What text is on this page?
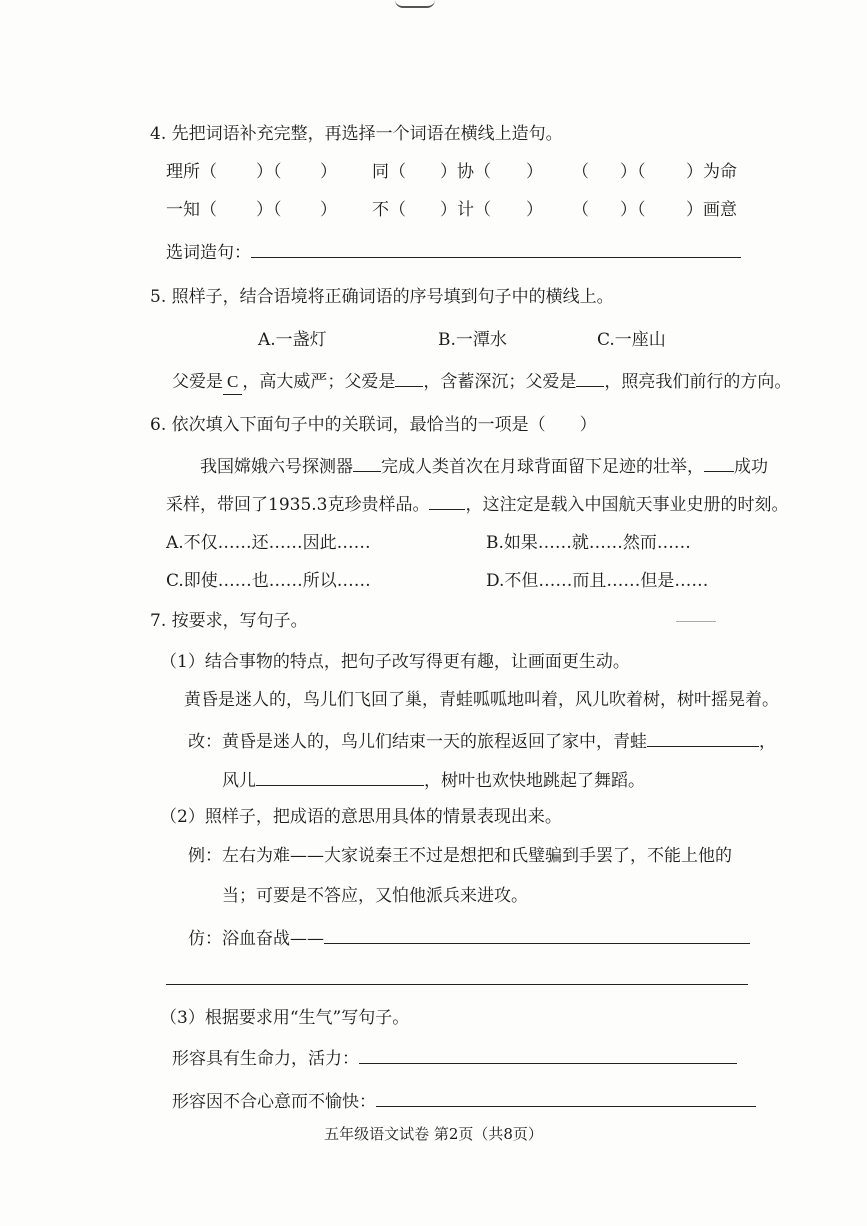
4. 先把词语补充完整，再选择一个词语在横线上造句。
理所（ ）（ ） 同（ ）协（ ） （ ）（ ）为命
一知（ ）（ ） 不（ ）计（ ） （ ）（ ）画意
选词造句：
5. 照样子，结合语境将正确词语的序号填到句子中的横线上。
A.一盏灯	B.一潭水	C.一座山
父爱是 C ，高大威严；父爱是 ，含蓄深沉；父爱是 ，照亮我们前行的方向。
6. 依次填入下面句子中的关联词，最恰当的一项是（　　）
我国嫦娥六号探测器 完成人类首次在月球背面留下足迹的壮举， 成功
采样，带回了1935.3克珍贵样品。 ，这注定是载入中国航天事业史册的时刻。
A.不仅……还……因此……	B.如果……就……然而……
C.即使……也……所以……	D.不但……而且……但是……
7. 按要求，写句子。
（1）结合事物的特点，把句子改写得更有趣，让画面更生动。
黄昏是迷人的，鸟儿们飞回了巢，青蛙呱呱地叫着，风儿吹着树，树叶摇晃着。
改：黄昏是迷人的，鸟儿们结束一天的旅程返回了家中，青蛙	，
风儿	，树叶也欢快地跳起了舞蹈。
（2）照样子，把成语的意思用具体的情景表现出来。
例：左右为难——大家说秦王不过是想把和氏璧骗到手罢了，不能上他的
当；可要是不答应，又怕他派兵来进攻。
仿：浴血奋战——
（3）根据要求用“生气”写句子。
形容具有生命力，活力：
形容因不合心意而不愉快：
五年级语文试卷 第2页（共8页）
